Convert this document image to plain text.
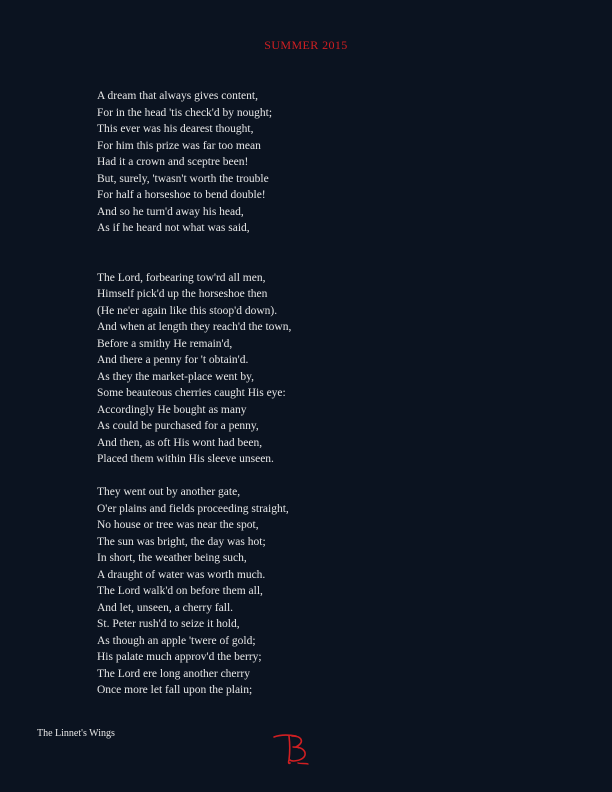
SUMMER 2015
A dream that always gives content,
For in the head 'tis check'd by nought;
This ever was his dearest thought,
For him this prize was far too mean
Had it a crown and sceptre been!
But, surely, 'twasn't worth the trouble
For half a horseshoe to bend double!
And so he turn'd away his head,
As if he heard not what was said,
The Lord, forbearing tow'rd all men,
Himself pick'd up the horseshoe then
(He ne'er again like this stoop'd down).
And when at length they reach'd the town,
Before a smithy He remain'd,
And there a penny for 't obtain'd.
As they the market-place went by,
Some beauteous cherries caught His eye:
Accordingly He bought as many
As could be purchased for a penny,
And then, as oft His wont had been,
Placed them within His sleeve unseen.
They went out by another gate,
O'er plains and fields proceeding straight,
No house or tree was near the spot,
The sun was bright, the day was hot;
In short, the weather being such,
A draught of water was worth much.
The Lord walk'd on before them all,
And let, unseen, a cherry fall.
St. Peter rush'd to seize it hold,
As though an apple 'twere of gold;
His palate much approv'd the berry;
The Lord ere long another cherry
Once more let fall upon the plain;
The Linnet's Wings
